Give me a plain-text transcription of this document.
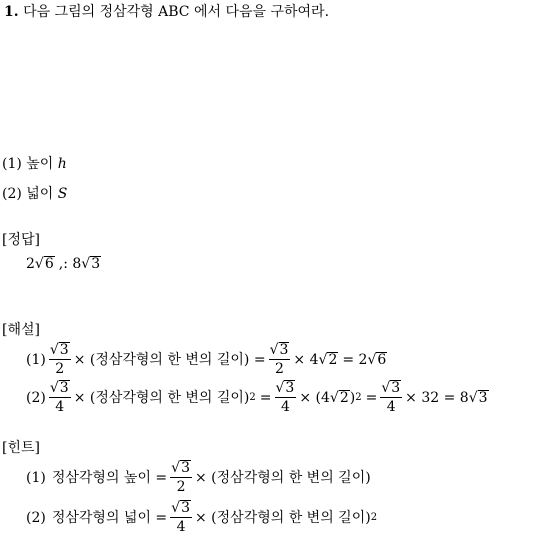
1. 다음 그림의 정삼각형 ABC 에서 다음을 구하여라.
(1) 높이 h
(2) 넓이 S
[정답]
2 √ 6 ,: 8 √ 3
[해설]
$(1) \frac{√ 3}{2}$ × (정삼각형의 한 변의 길이) = $\frac{√ 3}{2} \times 4$ √ 2 = 2 √ 6
$(2) \frac{√ 3}{4}$ × (정삼각형의 한 변의 길이) $2 = \frac{√ 3}{4} \times (4$ √ 2 ) $2 = \frac{√ 3}{4} \times 32 = 8$ √ 3
[힌트]
(1) 정삼각형의 높이 = $\frac{√ 3}{2}$ × (정삼각형의 한 변의 길이)
(2) 정삼각형의 넓이 = $\frac{√ 3}{4}$ × (정삼각형의 한 변의 길이) 2
